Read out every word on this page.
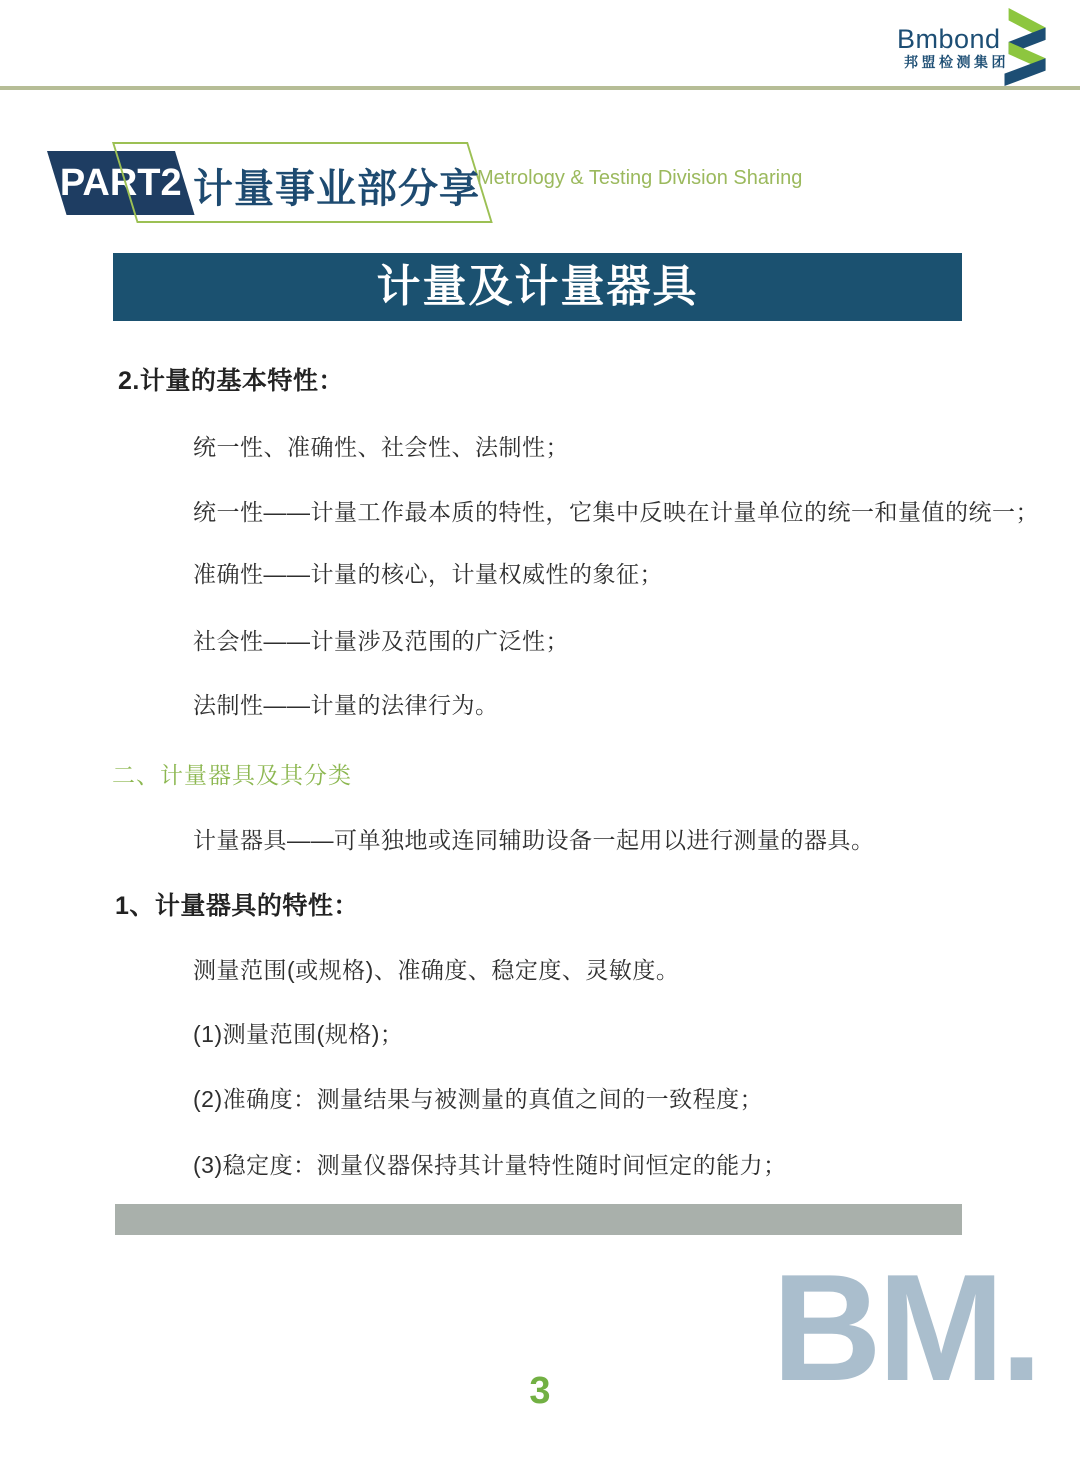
Bmbond
邦盟检测集团
PART2 计量事业部分享
Metrology & Testing Division Sharing
计量及计量器具
2.计量的基本特性：

统一性、准确性、社会性、法制性；

统一性——计量工作最本质的特性，它集中反映在计量单位的统一和量值的统一；

准确性——计量的核心，计量权威性的象征；

社会性——计量涉及范围的广泛性；

法制性——计量的法律行为。

二、计量器具及其分类

计量器具——可单独地或连同辅助设备一起用以进行测量的器具。

1、计量器具的特性：

测量范围(或规格)、准确度、稳定度、灵敏度。

(1)测量范围(规格)；

(2)准确度：测量结果与被测量的真值之间的一致程度；

(3)稳定度：测量仪器保持其计量特性随时间恒定的能力；

BM.
3
